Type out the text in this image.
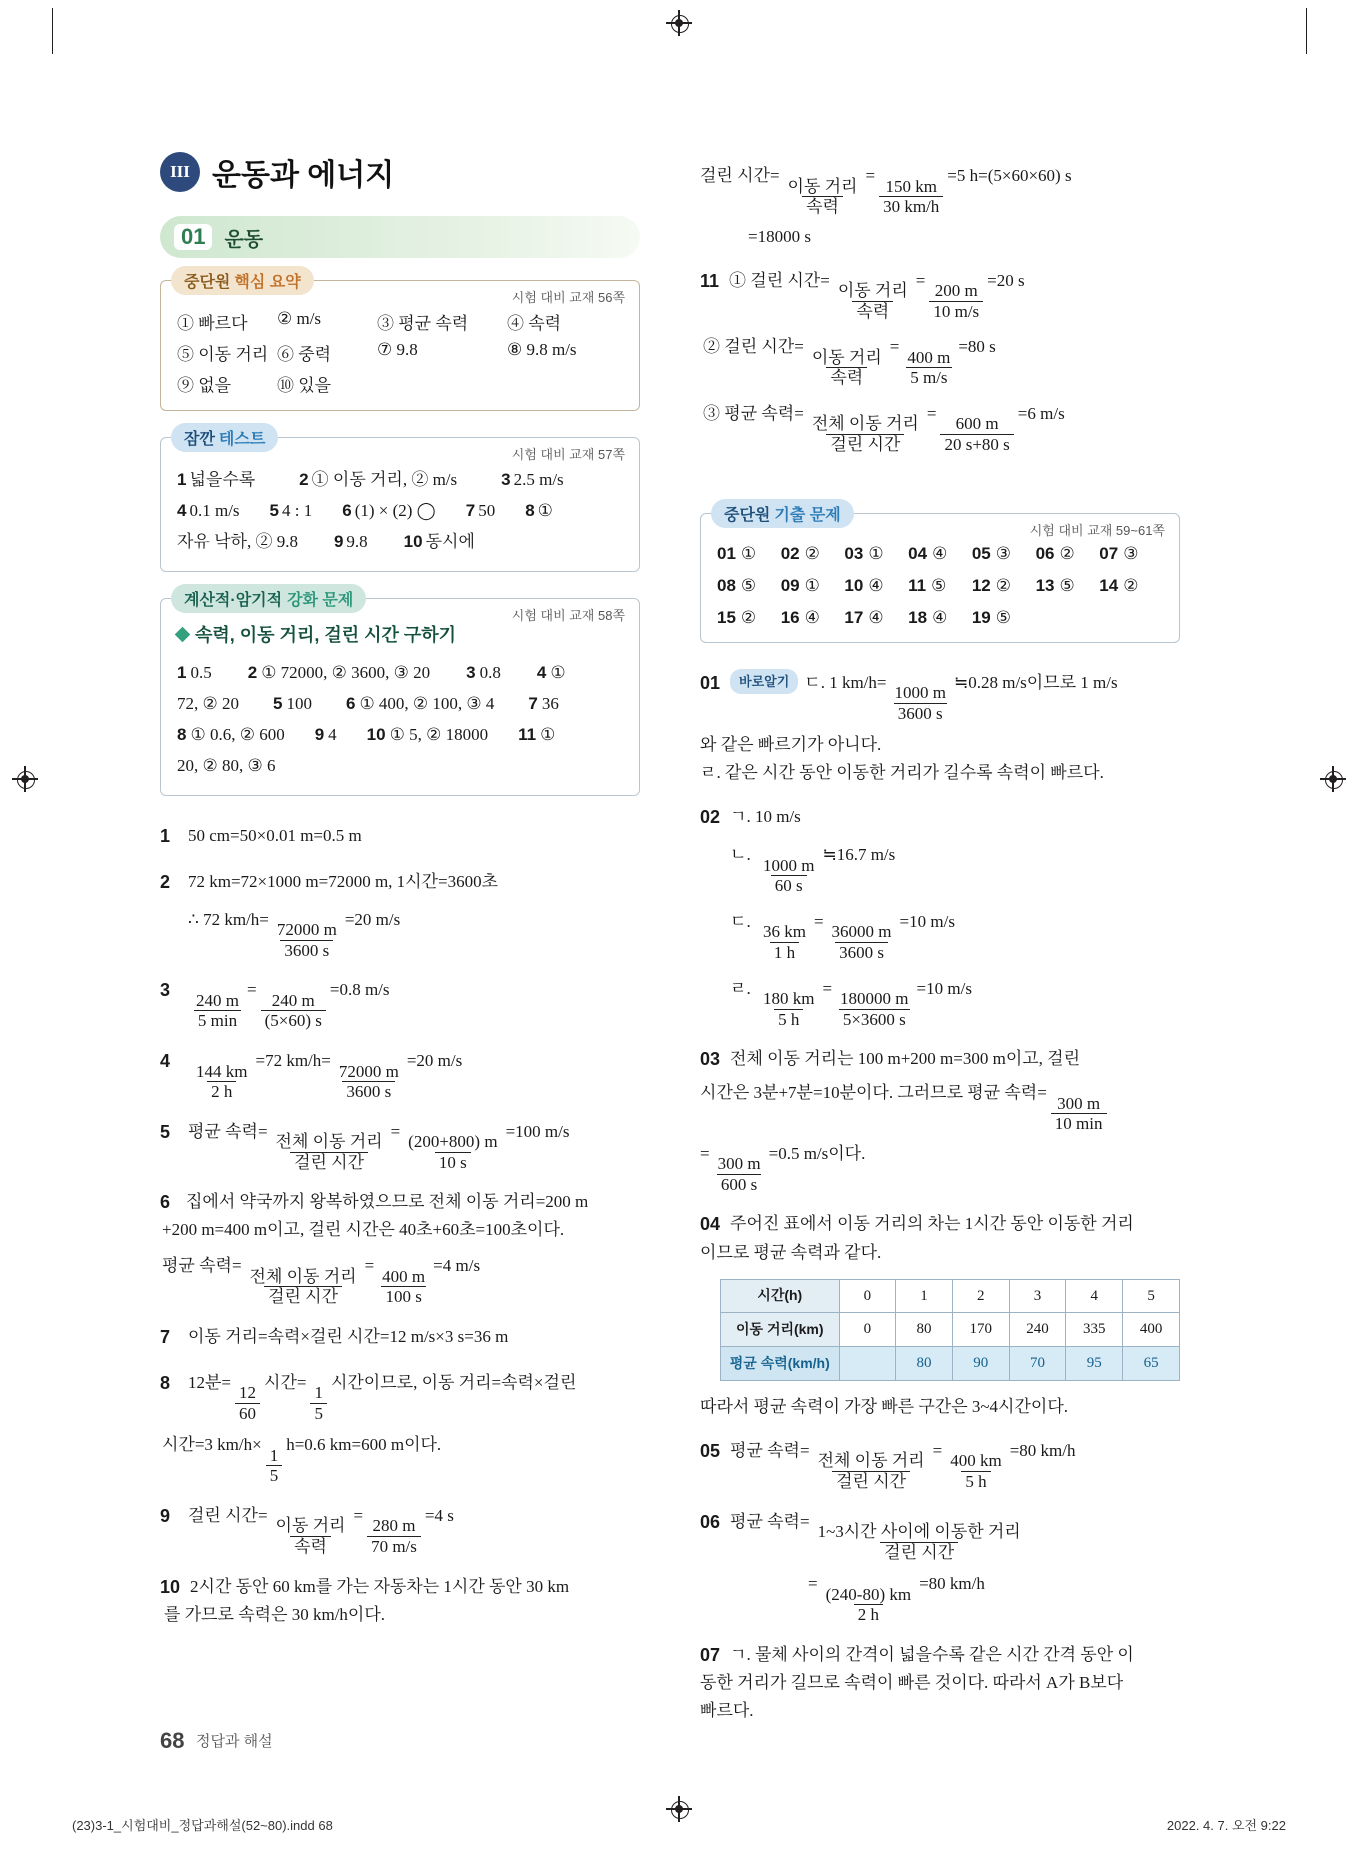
III 운동과 에너지
01 운동
중단원 핵심 요약
시험 대비 교재 56쪽
① 빠르다	② m/s	③ 평균 속력	④ 속력
⑤ 이동 거리 ⑥ 중력	⑦ 9.8	⑧ 9.8 m/s
⑨ 없을	⑩ 있을
잠깐 테스트
시험 대비 교재 57쪽
1 넓을수록	2 ① 이동 거리, ② m/s	3 2.5 m/s
4 0.1 m/s 5 4 : 1 6 (1) × (2) ◯ 7 50 8 ①
자유 낙하, ② 9.8 9 9.8 10 동시에
계산적·암기적 강화 문제
시험 대비 교재 58쪽
속력, 이동 거리, 걸린 시간 구하기
1 0.5 2 ① 72000, ② 3600, ③ 20 3 0.8 4 ①
72, ② 20 5 100 6 ① 400, ② 100, ③ 4 7 36
8 ① 0.6, ② 600 9 4 10 ① 5, ② 18000 11 ①
20, ② 80, ③ 6
1	50 cm=50×0.01 m=0.5 m
2	72 km=72×1000 m=72000 m, 1시간=3600초
∴ 72 km/h=
$\frac{72000 m}{3600 s}$
=20 m/s
3
$\frac{240 m}{5 \min}$
=
$\frac{240 m}{(5\times 60) s}$
=0.8 m/s
4
$\frac{144 km}{2 h}$
=72 km/h=
$\frac{72000 m}{3600 s}$
=20 m/s
5	평균 속력=
$\frac{\text{전체 이동 거리}}{\text{걸린 시간}}$
=
$\frac{(200+800) m}{10 s}$
=100 m/s
6 집에서 약국까지 왕복하였으므로 전체 이동 거리=200 m
+200 m=400 m이고, 걸린 시간은 40초+60초=100초이다.
평균 속력=
$\frac{\text{전체 이동 거리}}{\text{걸린 시간}}$
=
$\frac{400 m}{100 s}$
=4 m/s
7	이동 거리=속력×걸린 시간=12 m/s×3 s=36 m
8	12분=
$\frac{12}{60}$
시간=
$\frac{1}{5}$
시간이므로, 이동 거리=속력×걸린
시간=3 km/h×
$\frac{1}{5}$
h=0.6 km=600 m이다.
9	걸린 시간=
$\frac{\text{이동 거리}}{\text{속력}}$
=
$\frac{280 m}{70 m/s}$
=4 s
10 2시간 동안 60 km를 가는 자동차는 1시간 동안 30 km
를 가므로 속력은 30 km/h이다.
걸린 시간=
$\frac{\text{이동 거리}}{\text{속력}}$
=
$\frac{150 km}{30 km/h}$
=5 h=(5×60×60) s
=18000 s
11 ① 걸린 시간=
$\frac{\text{이동 거리}}{\text{속력}}$
=
$\frac{200 m}{10 m/s}$
=20 s
② 걸린 시간=
$\frac{\text{이동 거리}}{\text{속력}}$
=
$\frac{400 m}{5 m/s}$
=80 s
③ 평균 속력=
$\frac{\text{전체 이동 거리}}{\text{걸린 시간}}$
=
$\frac{600 m}{20 s+80 s}$
=6 m/s
중단원 기출 문제
시험 대비 교재 59~61쪽
01 ①	02 ②	03 ①	04 ④	05 ③	06 ②	07 ③
08 ⑤	09 ①	10 ④	11 ⑤	12 ②	13 ⑤	14 ②
15 ②	16 ④	17 ④	18 ④	19 ⑤
01	바로알기 ㄷ. 1 km/h=
$\frac{1000 m}{3600 s}$
≒0.28 m/s이므로 1 m/s
와 같은 빠르기가 아니다.
ㄹ. 같은 시간 동안 이동한 거리가 길수록 속력이 빠르다.
02 ㄱ. 10 m/s
ㄴ.
$\frac{1000 m}{60 s}$
≒16.7 m/s
ㄷ.
$\frac{36 km}{1 h}$
=
$\frac{36000 m}{3600 s}$
=10 m/s
ㄹ.
$\frac{180 km}{5 h}$
=
$\frac{180000 m}{5\times 3600 s}$
=10 m/s
03 전체 이동 거리는 100 m+200 m=300 m이고, 걸린
시간은 3분+7분=10분이다. 그러므로 평균 속력=
$\frac{300 m}{10 \min}$
=
$\frac{300 m}{600 s}$
=0.5 m/s이다.
04 주어진 표에서 이동 거리의 차는 1시간 동안 이동한 거리
이므로 평균 속력과 같다.
시간(h)	0	1	2	3	4	5
이동 거리(km)	0	80	170	240	335	400
평균 속력(km/h)		80	90	70	95	65
따라서 평균 속력이 가장 빠른 구간은 3~4시간이다.
05 평균 속력=
$\frac{\text{전체 이동 거리}}{\text{걸린 시간}}$
=
$\frac{400 km}{5 h}$
=80 km/h
06 평균 속력=
$\frac{\text{1\textasciitilde{}3시간 사이에 이동한 거리}}{\text{걸린 시간}}$
=
$\frac{(240-80) km}{2 h}$
=80 km/h
07 ㄱ. 물체 사이의 간격이 넓을수록 같은 시간 간격 동안 이
동한 거리가 길므로 속력이 빠른 것이다. 따라서 A가 B보다
빠르다.
68 정답과 해설
(23)3-1_시험대비_정답과해설(52~80).indd 68	2022. 4. 7. 오전 9:22
